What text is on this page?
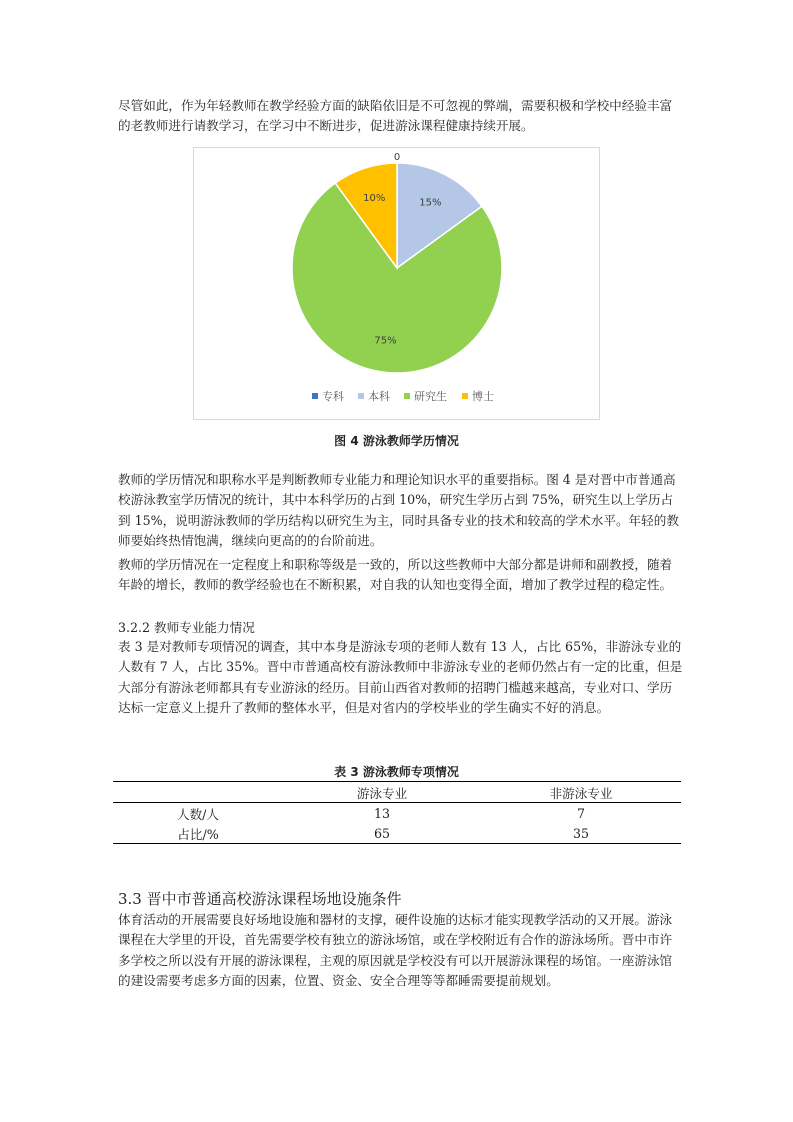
尽管如此，作为年轻教师在教学经验方面的缺陷依旧是不可忽视的弊端，需要积极和学校中经验丰富的老教师进行请教学习，在学习中不断进步，促进游泳课程健康持续开展。

0
15%
75%
10%
专科 本科 研究生 博士
图 4 游泳教师学历情况

教师的学历情况和职称水平是判断教师专业能力和理论知识水平的重要指标。图 4 是对晋中市普通高校游泳教室学历情况的统计，其中本科学历的占到 10%，研究生学历占到 75%，研究生以上学历占到 15%，说明游泳教师的学历结构以研究生为主，同时具备专业的技术和较高的学术水平。年轻的教师要始终热情饱满，继续向更高的的台阶前进。

教师的学历情况在一定程度上和职称等级是一致的，所以这些教师中大部分都是讲师和副教授，随着年龄的增长，教师的教学经验也在不断积累，对自我的认知也变得全面，增加了教学过程的稳定性。

3.2.2 教师专业能力情况

表 3 是对教师专项情况的调查，其中本身是游泳专项的老师人数有 13 人，占比 65%，非游泳专业的人数有 7 人，占比 35%。晋中市普通高校有游泳教师中非游泳专业的老师仍然占有一定的比重，但是大部分有游泳老师都具有专业游泳的经历。目前山西省对教师的招聘门槛越来越高，专业对口、学历达标一定意义上提升了教师的整体水平，但是对省内的学校毕业的学生确实不好的消息。

表 3 游泳教师专项情况
	游泳专业	非游泳专业
人数/人	13	7
占比/%	65	35
3.3 晋中市普通高校游泳课程场地设施条件

体育活动的开展需要良好场地设施和器材的支撑，硬件设施的达标才能实现教学活动的又开展。游泳课程在大学里的开设，首先需要学校有独立的游泳场馆，或在学校附近有合作的游泳场所。晋中市许多学校之所以没有开展的游泳课程，主观的原因就是学校没有可以开展游泳课程的场馆。一座游泳馆的建设需要考虑多方面的因素，位置、资金、安全合理等等都睡需要提前规划。
